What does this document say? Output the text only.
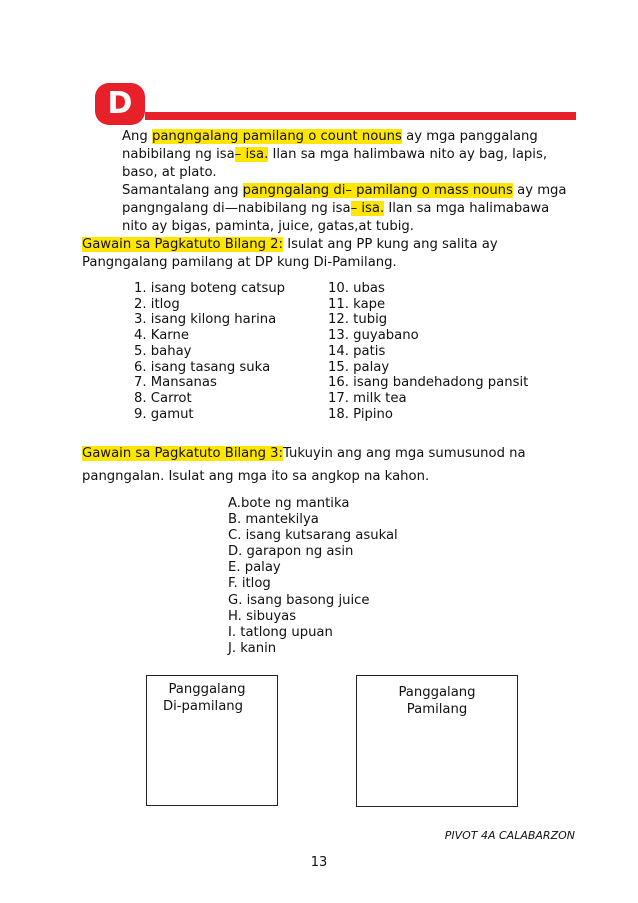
D

Ang pangngalang pamilang o count nouns ay mga panggalang nabibilang ng isa– isa. Ilan sa mga halimbawa nito ay bag, lapis, baso, at plato.

Samantalang ang pangngalang di– pamilang o mass nouns ay mga pangngalang di—nabibilang ng isa– isa. Ilan sa mga halimabawa nito ay bigas, paminta, juice, gatas,at tubig.

Gawain sa Pagkatuto Bilang 2: Isulat ang PP kung ang salita ay Pangngalang pamilang at DP kung Di-Pamilang.
1. isang boteng catsup
2. itlog
3. isang kilong harina
4. Karne
5. bahay
6. isang tasang suka
7. Mansanas
8. Carrot
9. gamut
10. ubas
11. kape
12. tubig
13. guyabano
14. patis
15. palay
16. isang bandehadong pansit
17. milk tea
18. Pipino
Gawain sa Pagkatuto Bilang 3:Tukuyin ang ang mga sumusunod na pangngalan. Isulat ang mga ito sa angkop na kahon.
A.bote ng mantika
B. mantekilya
C. isang kutsarang asukal
D. garapon ng asin
E. palay
F. itlog
G. isang basong juice
H. sibuyas
I. tatlong upuan
J. kanin
Panggalang
Di-pamilang
Panggalang
Pamilang
PIVOT 4A CALABARZON
13
